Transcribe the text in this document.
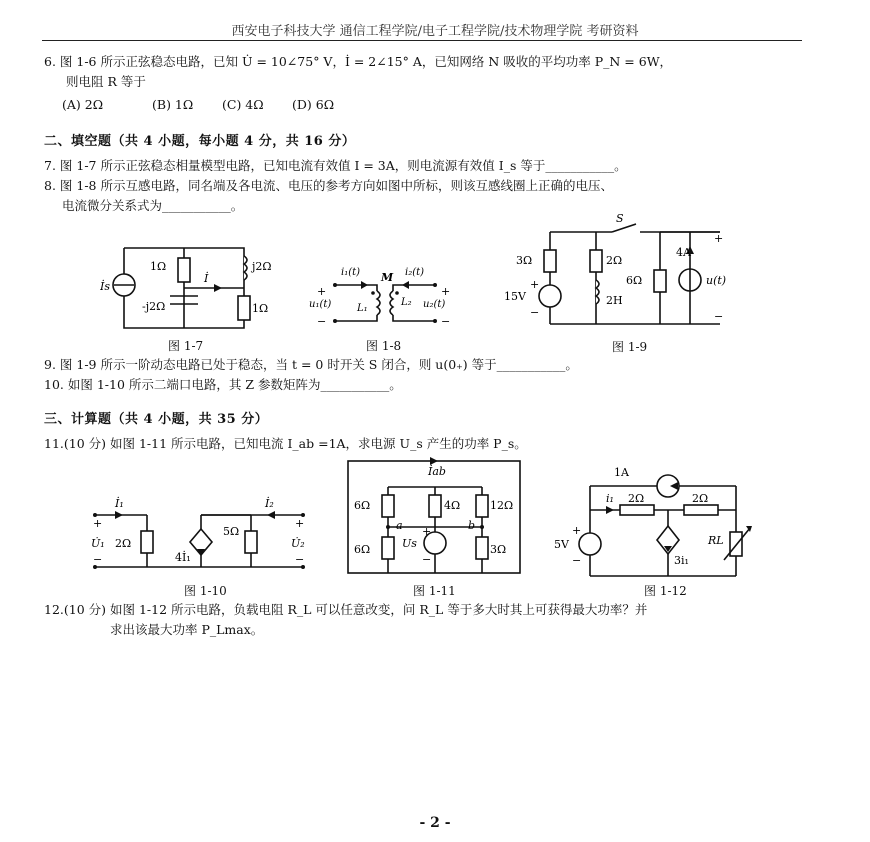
西安电子科技大学 通信工程学院/电子工程学院/技术物理学院 考研资料
6. 图 1-6 所示正弦稳态电路，已知 U̇ = 10∠75° V，İ = 2∠15° A，已知网络 N 吸收的平均功率 P_N = 6W，
则电阻 R 等于
(A) 2Ω	(B) 1Ω (C) 4Ω (D) 6Ω
二、填空题（共 4 小题，每小题 4 分，共 16 分）
7. 图 1-7 所示正弦稳态相量模型电路，已知电流有效值 I = 3A，则电流源有效值 I_s 等于___________。
8. 图 1-8 所示互感电路，同名端及各电流、电压的参考方向如图中所标，则该互感线圈上正确的电压、
电流微分关系式为___________。
1Ω	j2Ω
İ
İs
-j2Ω	1Ω
图 1-7
i₁(t)	i₂(t)
M
u₁(t)	L₁
L₂ u₂(t)
+	+
−	−
图 1-8
S
3Ω	2Ω
4A
6Ω	u(t)
15V	2H
+
−
+
−
图 1-9
9. 图 1-9 所示一阶动态电路已处于稳态，当 t = 0 时开关 S 闭合，则 u(0₊) 等于___________。
10. 如图 1-10 所示二端口电路，其 Z 参数矩阵为___________。
三、计算题（共 4 小题，共 35 分）
11.(10 分) 如图 1-11 所示电路，已知电流 I_ab =1A，求电源 U_s 产生的功率 P_s。
İ₁	İ₂
U̇₁ 2Ω
4İ₁
5Ω
U̇₂
+
−
+
−
图 1-10
İab
6Ω	4Ω	12Ω
a	b
6Ω	Us	3Ω
+
−
图 1-11
1A
i₁ 2Ω	2Ω
5V	RL
3i₁
+
−
图 1-12
12.(10 分) 如图 1-12 所示电路，负载电阻 R_L 可以任意改变，问 R_L 等于多大时其上可获得最大功率？并
求出该最大功率 P_Lmax。
- 2 -
